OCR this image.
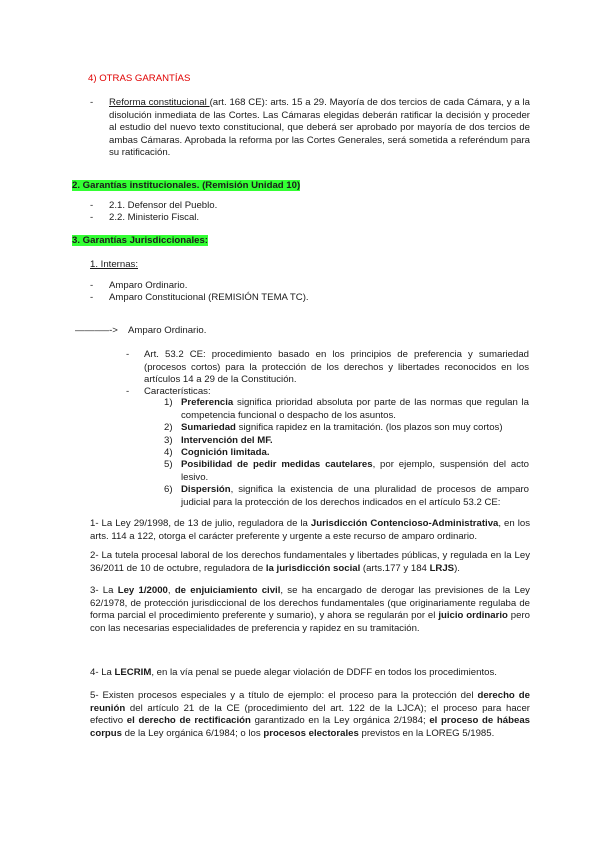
4) OTRAS GARANTÍAS
- Reforma constitucional (art. 168 CE): arts. 15 a 29. Mayoría de dos tercios de cada Cámara, y a la disolución inmediata de las Cortes. Las Cámaras elegidas deberán ratificar la decisión y proceder al estudio del nuevo texto constitucional, que deberá ser aprobado por mayoría de dos tercios de ambas Cámaras. Aprobada la reforma por las Cortes Generales, será sometida a referéndum para su ratificación.
2. Garantías institucionales. (Remisión Unidad 10)
- 2.1. Defensor del Pueblo.
- 2.2. Ministerio Fiscal.
3. Garantías Jurisdiccionales:
1. Internas:
- Amparo Ordinario.
- Amparo Constitucional (REMISIÓN TEMA TC).
——–—-> Amparo Ordinario.
- Art. 53.2 CE: procedimiento basado en los principios de preferencia y sumariedad (procesos cortos) para la protección de los derechos y libertades reconocidos en los artículos 14 a 29 de la Constitución.
- Características:
1) Preferencia significa prioridad absoluta por parte de las normas que regulan la competencia funcional o despacho de los asuntos.
2) Sumariedad significa rapidez en la tramitación. (los plazos son muy cortos)
3) Intervención del MF.
4) Cognición limitada.
5) Posibilidad de pedir medidas cautelares, por ejemplo, suspensión del acto lesivo.
6) Dispersión, significa la existencia de una pluralidad de procesos de amparo judicial para la protección de los derechos indicados en el artículo 53.2 CE:
1- La Ley 29/1998, de 13 de julio, reguladora de la Jurisdicción Contencioso-Administrativa, en los arts. 114 a 122, otorga el carácter preferente y urgente a este recurso de amparo ordinario.
2- La tutela procesal laboral de los derechos fundamentales y libertades públicas, y regulada en la Ley 36/2011 de 10 de octubre, reguladora de la jurisdicción social (arts.177 y 184 LRJS).
3- La Ley 1/2000, de enjuiciamiento civil, se ha encargado de derogar las previsiones de la Ley 62/1978, de protección jurisdiccional de los derechos fundamentales (que originariamente regulaba de forma parcial el procedimiento preferente y sumario), y ahora se regularán por el juicio ordinario pero con las necesarias especialidades de preferencia y rapidez en su tramitación.
4- La LECRIM, en la vía penal se puede alegar violación de DDFF en todos los procedimientos.
5- Existen procesos especiales y a título de ejemplo: el proceso para la protección del derecho de reunión del artículo 21 de la CE (procedimiento del art. 122 de la LJCA); el proceso para hacer efectivo el derecho de rectificación garantizado en la Ley orgánica 2/1984; el proceso de hábeas corpus de la Ley orgánica 6/1984; o los procesos electorales previstos en la LOREG 5/1985.
